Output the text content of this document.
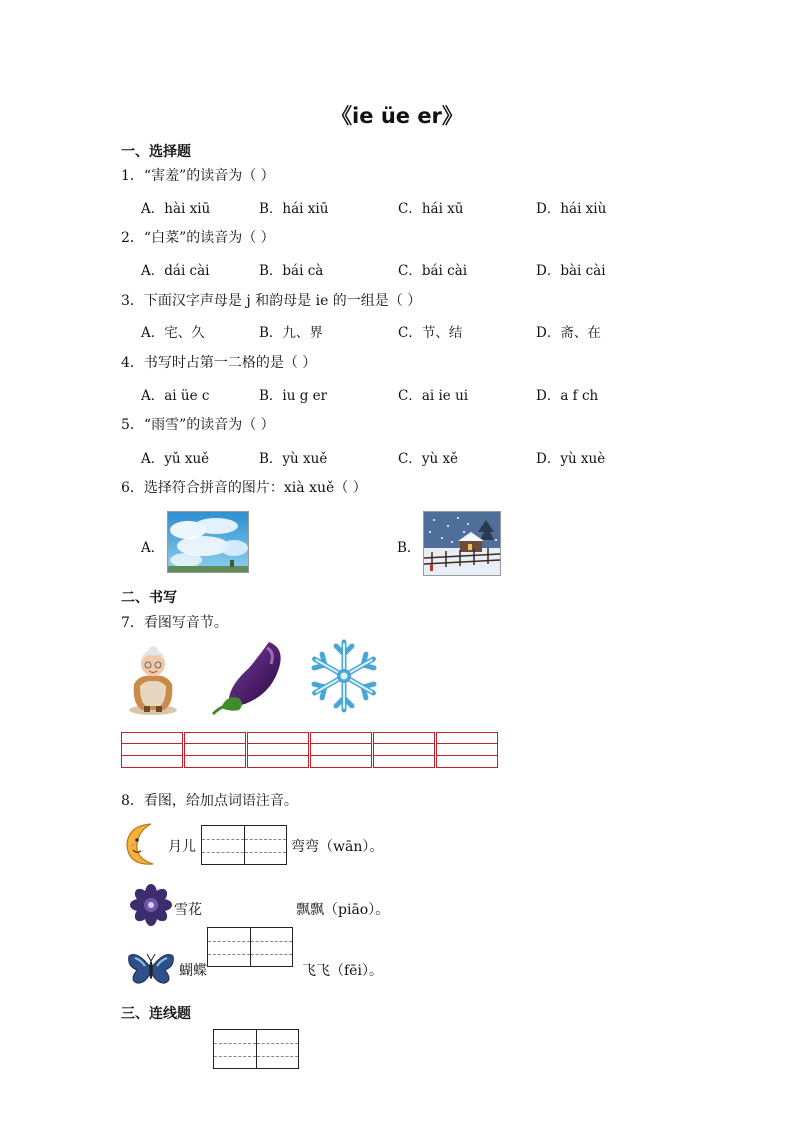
《ie üe er》
一、选择题
1．“害羞”的读音为（ ）
A．hài xiū	B．hái xiū	C．hái xū	D．hái xiù
2．“白菜”的读音为（ ）
A．dái cài	B．bái cà	C．bái cài	D．bài cài
3．下面汉字声母是 j 和韵母是 ie 的一组是（ ）
A．宅、久	B．九、界	C．节、结	D．斋、在
4．书写时占第一二格的是（ ）
A．ai üe c	B．iu g er	C．ai ie ui	D．a f ch
5．“雨雪”的读音为（ ）
A．yǔ xuě	B．yù xuě	C．yù xě	D．yù xuè
6．选择符合拼音的图片：xià xuě（ ）
A．	B．
二、书写
7．看图写音节。
8．看图，给加点词语注音。
月儿	弯弯（wān）。
雪花	飘飘（piāo）。
蝴蝶	飞飞（fēi）。
三、连线题
